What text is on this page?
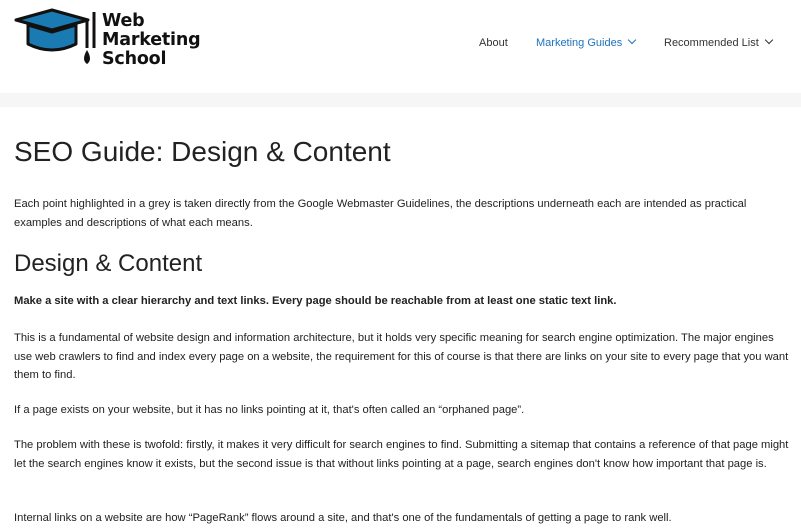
Web
Marketing
School
About	Marketing Guides	Recommended List
SEO Guide: Design & Content

Each point highlighted in a grey is taken directly from the Google Webmaster Guidelines, the descriptions underneath each are intended as practical examples and descriptions of what each means.

Design & Content

Make a site with a clear hierarchy and text links. Every page should be reachable from at least one static text link.

This is a fundamental of website design and information architecture, but it holds very specific meaning for search engine optimization. The major engines use web crawlers to find and index every page on a website, the requirement for this of course is that there are links on your site to every page that you want them to find.

If a page exists on your website, but it has no links pointing at it, that's often called an “orphaned page”.

The problem with these is twofold: firstly, it makes it very difficult for search engines to find. Submitting a sitemap that contains a reference of that page might let the search engines know it exists, but the second issue is that without links pointing at a page, search engines don't know how important that page is.

Internal links on a website are how “PageRank” flows around a site, and that's one of the fundamentals of getting a page to rank well.
